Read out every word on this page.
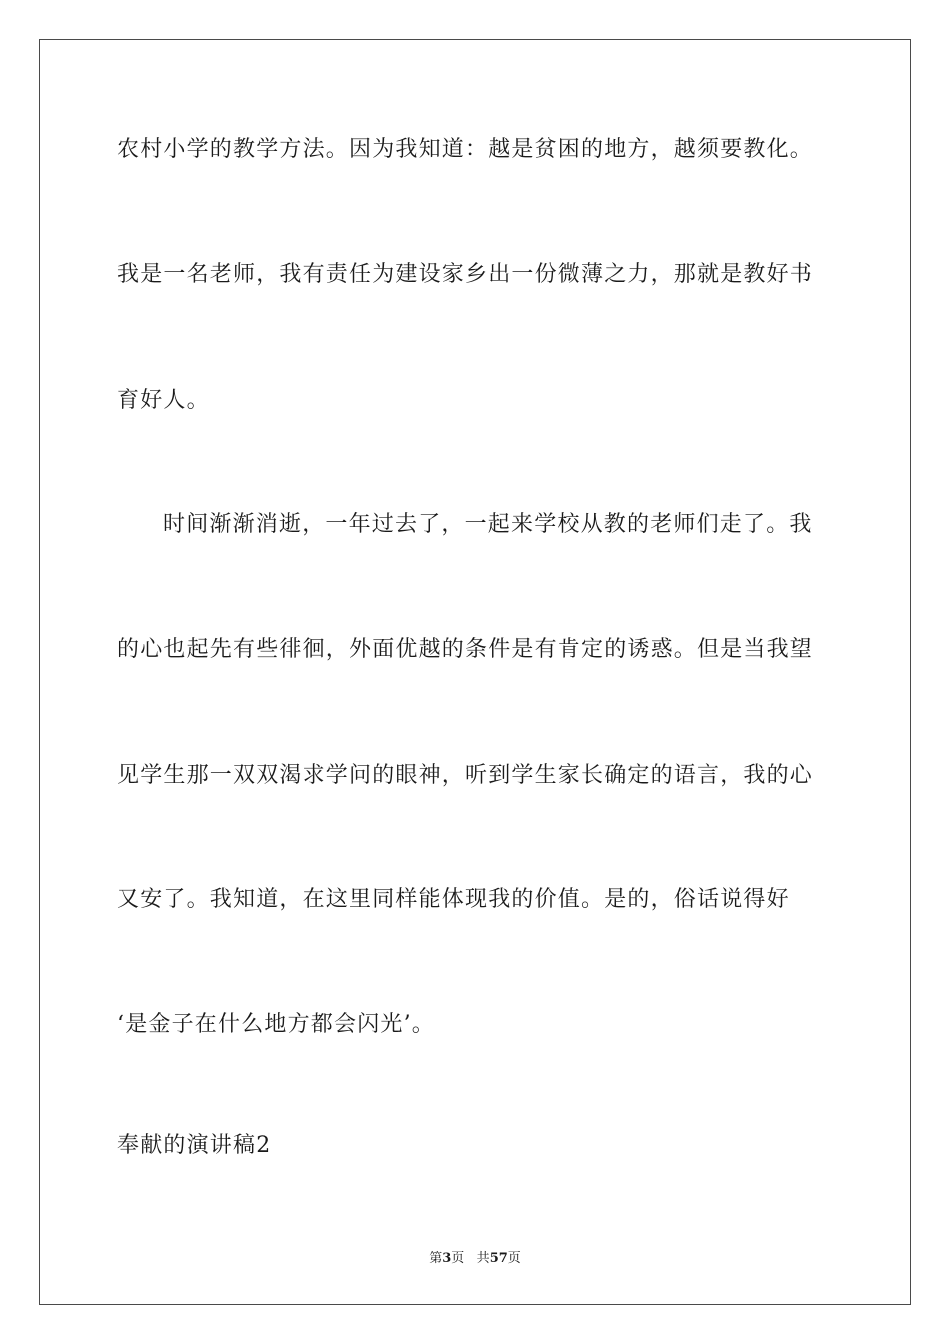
农村小学的教学方法。因为我知道：越是贫困的地方，越须要教化。
我是一名老师，我有责任为建设家乡出一份微薄之力，那就是教好书
育好人。
时间渐渐消逝，一年过去了，一起来学校从教的老师们走了。我
的心也起先有些徘徊，外面优越的条件是有肯定的诱惑。但是当我望
见学生那一双双渴求学问的眼神，听到学生家长确定的语言，我的心
又安了。我知道，在这里同样能体现我的价值。是的，俗话说得好
‘是金子在什么地方都会闪光’。
奉献的演讲稿2
第3页 共57页
